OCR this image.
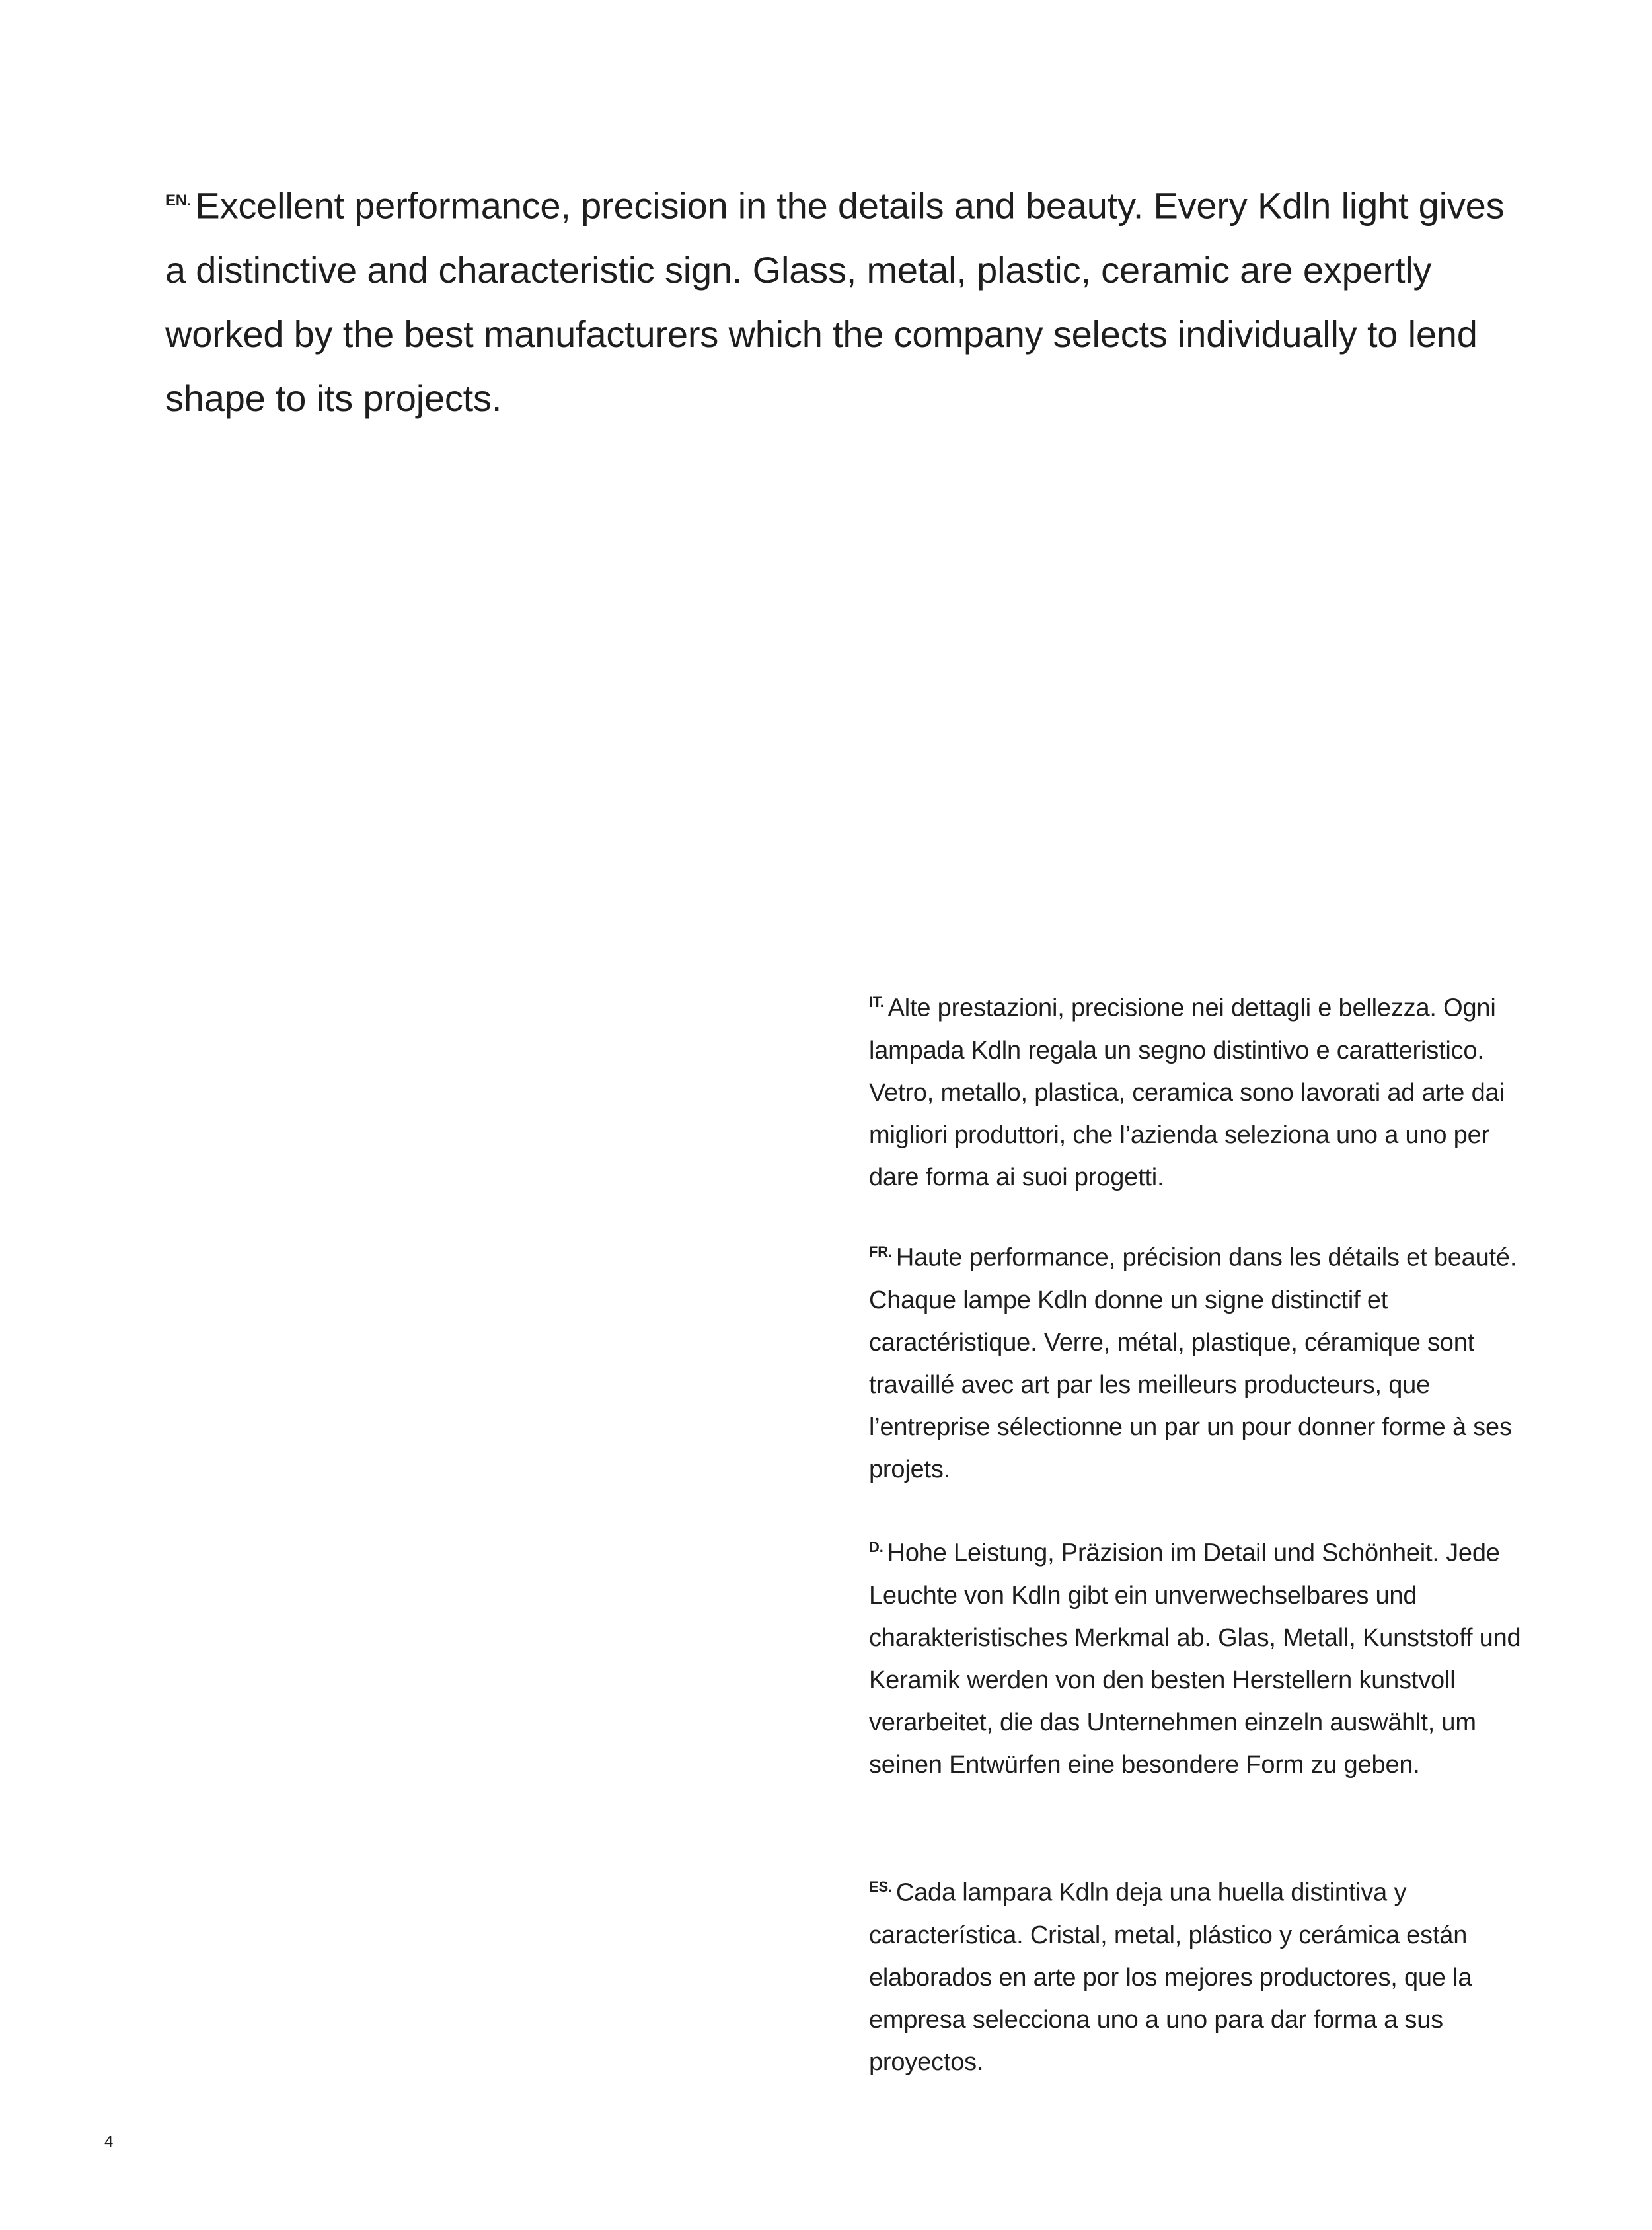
$^{EN.}$ Excellent performance, precision in the details and beauty. Every Kdln light gives a distinctive and characteristic sign. Glass, metal, plastic, ceramic are expertly worked by the best manufacturers which the company selects individually to lend shape to its projects.
$^{IT.}$ Alte prestazioni, precisione nei dettagli e bellezza. Ogni lampada Kdln regala un segno distintivo e caratteristico. Vetro, metallo, plastica, ceramica sono lavorati ad arte dai migliori produttori, che l’azienda seleziona uno a uno per dare forma ai suoi progetti.
$^{FR.}$ Haute performance, précision dans les détails et beauté. Chaque lampe Kdln donne un signe distinctif et caractéristique. Verre, métal, plastique, céramique sont travaillé avec art par les meilleurs producteurs, que l’entreprise sélectionne un par un pour donner forme à ses projets.
$^{D.}$ Hohe Leistung, Präzision im Detail und Schönheit. Jede Leuchte von Kdln gibt ein unverwechselbares und charakteristisches Merkmal ab. Glas, Metall, Kunststoff und Keramik werden von den besten Herstellern kunstvoll verarbeitet, die das Unternehmen einzeln auswählt, um seinen Entwürfen eine besondere Form zu geben.
$^{ES.}$ Cada lampara Kdln deja una huella distintiva y característica. Cristal, metal, plástico y cerámica están elaborados en arte por los mejores productores, que la empresa selecciona uno a uno para dar forma a sus proyectos.
4
